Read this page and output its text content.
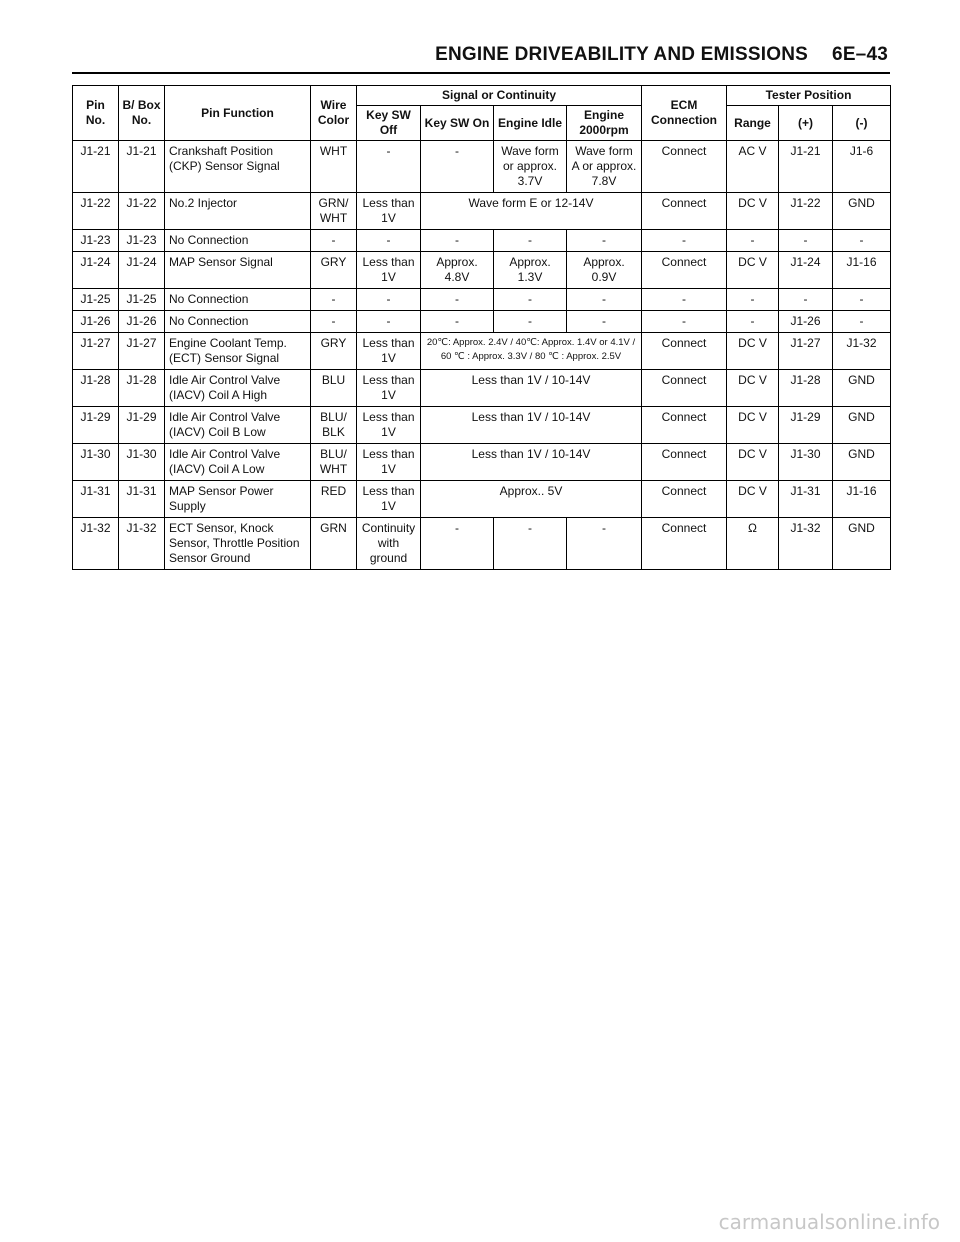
ENGINE DRIVEABILITY AND EMISSIONS 6E–43
Pin No.	B/ Box No.	Pin Function	Wire Color	Signal or Continuity				ECM Connection	Tester Position		
				Key SW Off	Key SW On	Engine Idle	Engine 2000rpm		Range	(+)	(-)
J1-21	J1-21	Crankshaft Position (CKP) Sensor Signal	WHT	-	-	Wave form or approx. 3.7V	Wave form A or approx. 7.8V	Connect	AC V	J1-21	J1-6
J1-22	J1-22	No.2 Injector	GRN/ WHT	Less than 1V	Wave form E or 12-14V			Connect	DC V	J1-22	GND
J1-23	J1-23	No Connection	-	-	-	-	-	-	-	-	-
J1-24	J1-24	MAP Sensor Signal	GRY	Less than 1V	Approx. 4.8V	Approx. 1.3V	Approx. 0.9V	Connect	DC V	J1-24	J1-16
J1-25	J1-25	No Connection	-	-	-	-	-	-	-	-	-
J1-26	J1-26	No Connection	-	-	-	-	-	-	-	J1-26	-
J1-27	J1-27	Engine Coolant Temp. (ECT) Sensor Signal	GRY	Less than 1V	20℃: Approx. 2.4V / 40℃: Approx. 1.4V or 4.1V / 60 ℃ : Approx. 3.3V / 80 ℃ : Approx. 2.5V			Connect	DC V	J1-27	J1-32
J1-28	J1-28	Idle Air Control Valve (IACV) Coil A High	BLU	Less than 1V	Less than 1V / 10-14V			Connect	DC V	J1-28	GND
J1-29	J1-29	Idle Air Control Valve (IACV) Coil B Low	BLU/ BLK	Less than 1V	Less than 1V / 10-14V			Connect	DC V	J1-29	GND
J1-30	J1-30	Idle Air Control Valve (IACV) Coil A Low	BLU/ WHT	Less than 1V	Less than 1V / 10-14V			Connect	DC V	J1-30	GND
J1-31	J1-31	MAP Sensor Power Supply	RED	Less than 1V	Approx.. 5V			Connect	DC V	J1-31	J1-16
J1-32	J1-32	ECT Sensor, Knock Sensor, Throttle Position Sensor Ground	GRN	Continuity with ground	-	-	-	Connect	Ω	J1-32	GND
carmanualsonline.info
